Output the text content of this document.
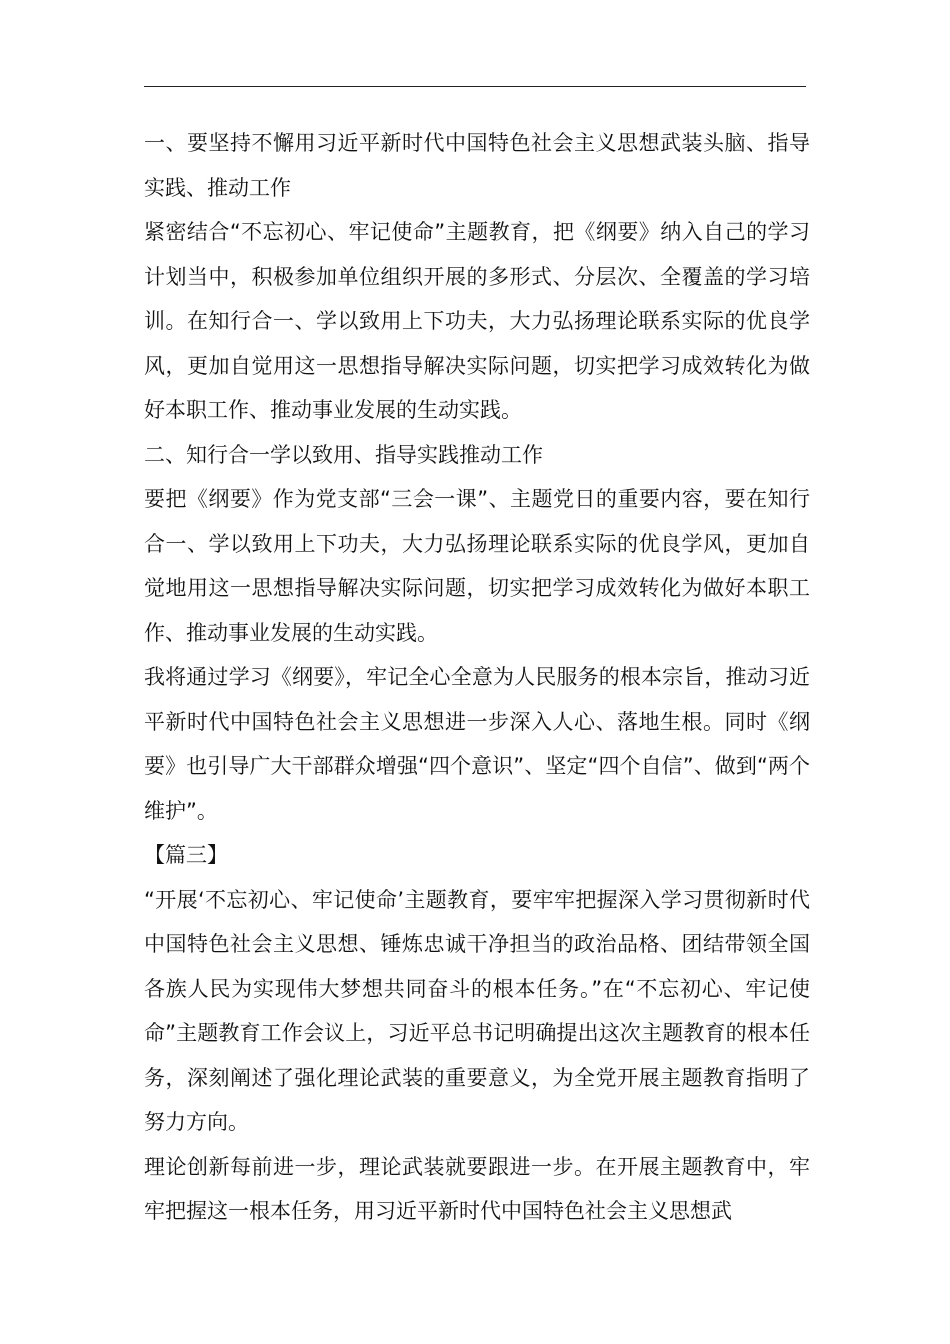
一、要坚持不懈用习近平新时代中国特色社会主义思想武装头脑、指导实践、推动工作

紧密结合“不忘初心、牢记使命”主题教育，把《纲要》纳入自己的学习计划当中，积极参加单位组织开展的多形式、分层次、全覆盖的学习培训。在知行合一、学以致用上下功夫，大力弘扬理论联系实际的优良学风，更加自觉用这一思想指导解决实际问题，切实把学习成效转化为做好本职工作、推动事业发展的生动实践。

二、知行合一学以致用、指导实践推动工作

要把《纲要》作为党支部“三会一课”、主题党日的重要内容，要在知行合一、学以致用上下功夫，大力弘扬理论联系实际的优良学风，更加自觉地用这一思想指导解决实际问题，切实把学习成效转化为做好本职工作、推动事业发展的生动实践。

我将通过学习《纲要》，牢记全心全意为人民服务的根本宗旨，推动习近平新时代中国特色社会主义思想进一步深入人心、落地生根。同时《纲要》也引导广大干部群众增强“四个意识”、坚定“四个自信”、做到“两个维护”。

【篇三】

“开展‘不忘初心、牢记使命’主题教育，要牢牢把握深入学习贯彻新时代中国特色社会主义思想、锤炼忠诚干净担当的政治品格、团结带领全国各族人民为实现伟大梦想共同奋斗的根本任务。”在“不忘初心、牢记使命”主题教育工作会议上，习近平总书记明确提出这次主题教育的根本任务，深刻阐述了强化理论武装的重要意义，为全党开展主题教育指明了努力方向。

理论创新每前进一步，理论武装就要跟进一步。在开展主题教育中，牢牢把握这一根本任务，用习近平新时代中国特色社会主义思想武
